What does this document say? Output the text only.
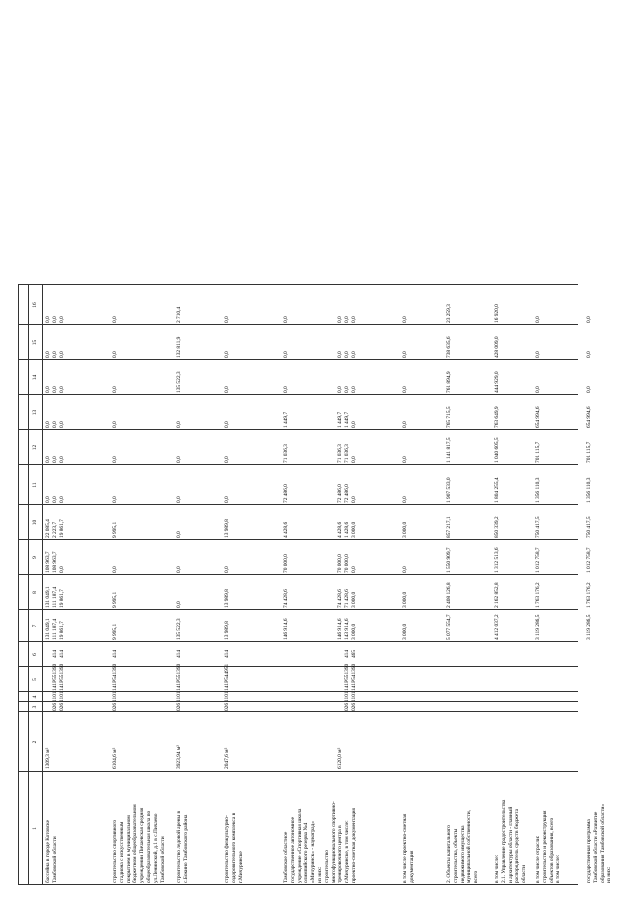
1
2
3
4
5
6
7
8
9
10
11
12
13
14
15
16
бассейна в городе Котовске
Тамбовской области
1309,3 м²

026
026

1101
1101

141P551390
141P551390

414
414
131 049,1
111 187,4
19 861,7
131 049,1
111 187,4
19 861,7
108 963,7
108 963,7
0,0
22 085,4
2 223,7
19 861,7
0,0
0,0
0,0
0,0
0,0
0,0
0,0
0,0
0,0
0,0
0,0
0,0
0,0
0,0
0,0
0,0
0,0
0,0
строительство спортивного
стадиона с искусственным
покрытием в муниципальном
бюджетном общеобразовательном
учреждении Пичаевская средняя
общеобразовательная школа по
ул.Ленинской, д.1 в с.Пичаево
Тамбовской области
6104,6 м²
026
1101
141P541390
414
9 995,1
9 995,1
0,0
9 995,1
0,0
0,0
0,0
0,0
0,0
0,0
строительство ледовой арены в
с.Бокино Тамбовского района
3923,94 м²
026
1101
141P551390
414
135 522,3
0,0
0,0
0,0
0,0
0,0
0,0
135 522,3
132 811,9
2 710,4
строительство физкультурно-
оздоровительного комплекса в
г.Мичуринске
2047,6 м²
026
1101
141P544951
414
13 989,8
13 989,8
0,0
13 989,8
0,0
0,0
0,0
0,0
0,0
0,0
Тамбовское областное
государственное автономное
учреждение «Спортивная школа
олимпийского резерва №4
«Мичуринск» - наукоград»
из них:
строительство
многофункционального спортивно-
тренировочного центра в
г.Мичуринске, в том числе:
проектно-сметная документация
6120,0 м²

026
026

1101
1101

141P551390
141P541390

414
465
146 914,6

146 914,6
143 914,6
3 000,0
74 428,6

74 428,6
71 428,6
3 000,0
70 000,0

70 000,0
70 000,0
0,0
4 428,6

4 428,6
1 428,6
3 000,0
72 486,0

72 486,0
72 486,0
0,0
71 036,3

71 036,3
71 036,3
0,0
1 449,7

1 449,7
1 449,7
0,0
0,0

0,0
0,0
0,0
0,0

0,0
0,0
0,0
0,0

0,0
0,0
0,0
в том числе проектно-сметная
документация
3 000,0
3 000,0
0,0
3 000,0
0,0
0,0
0,0
0,0
0,0
0,0
2. Объекты капитального
строительства, объекты
недвижимого имущества
муниципальной собственности,
всего
5 077 554,7
2 408 126,8
1 550 909,7
857 217,1
1 907 533,0
1 141 817,5
765 715,5
761 894,9
738 635,6
23 259,3
в том числе:
2.1. Управление градостроительства
и архитектуры области - главный
распорядитель средств бюджета
области
4 412 037,2
2 162 852,8
1 312 513,6
850 339,2
1 804 255,4
1 040 605,5
763 649,9
444 929,0
428 009,0
16 920,0
в том числе отрасли:
строительство и реконструкция
объектов образования, всего
в том числе:
3 119 286,5
1 763 176,2
1 012 758,7
750 417,5
1 356 110,3
701 115,7
654 994,6
0,0
0,0
0,0
государственная программа
Тамбовской области «Развитие
образования Тамбовской области»
из них:
3 119 286,5
1 763 176,2
1 012 758,7
750 417,5
1 356 110,3
701 115,7
654 994,6
0,0
0,0
0,0
